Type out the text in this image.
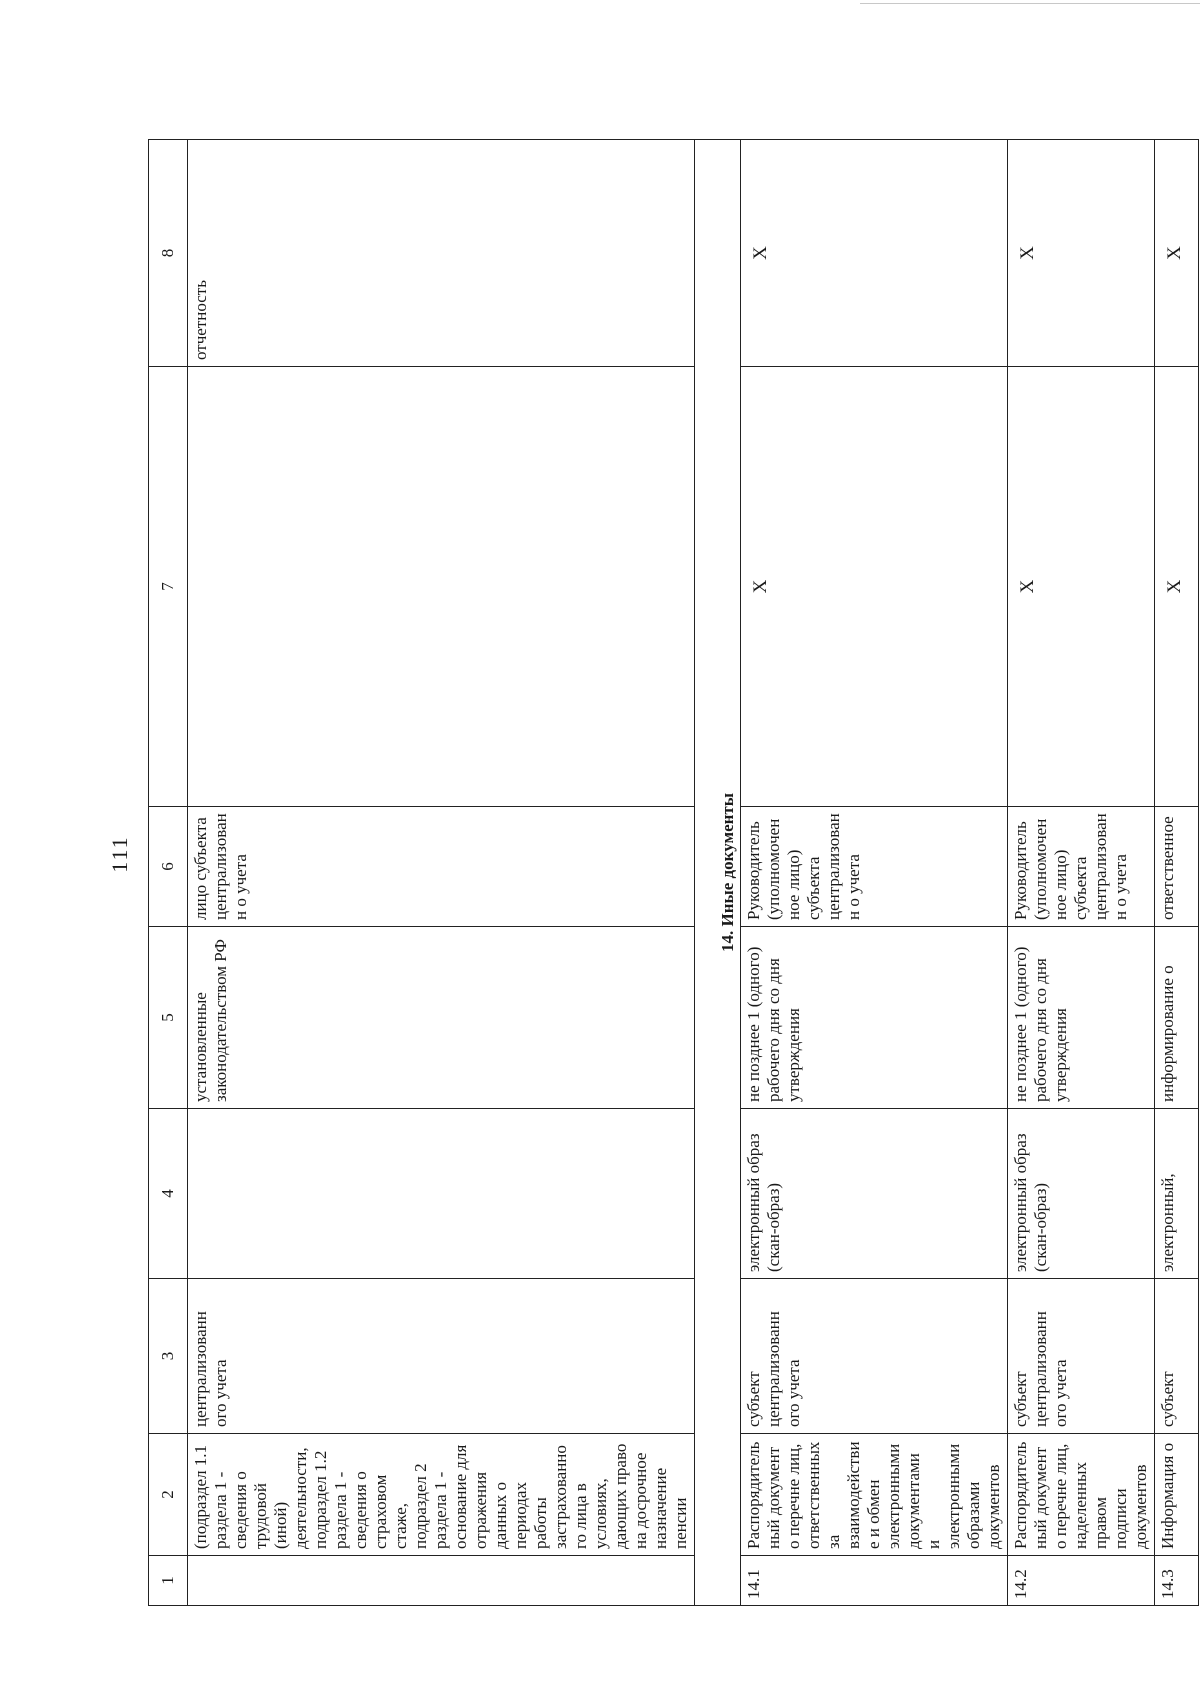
111
1	2	3	4	5	6	7	8
	(подраздел 1.1 раздела 1 - сведения о трудовой (иной) деятельности, подраздел 1.2 раздела 1 - сведения о страховом стаже, подраздел 2 раздела 1 - основание для отражения данных о периодах работы застрахованного лица в условиях, дающих право на досрочное назначение пенсии	централизованн ого учета		установленные законодательством РФ	лицо субъекта централизованн о учета		отчетность
14. Иные документы							
14.1	Распорядительный документ о перечне лиц, ответственных за взаимодействие и обмен электронными документами и электронными образами документов	субъект централизованн ого учета	электронный образ (скан-образ)	не позднее 1 (одного) рабочего дня со дня утверждения	Руководитель (уполномоченное лицо) субъекта централизованн о учета	X	X
14.2	Распорядительный документ о перечне лиц, наделенных правом подписи документов	субъект централизованн ого учета	электронный образ (скан-образ)	не позднее 1 (одного) рабочего дня со дня утверждения	Руководитель (уполномоченное лицо) субъекта централизованн о учета	X	X
14.3	Информация о	субъект	электронный,	информирование о	ответственное	X	X
